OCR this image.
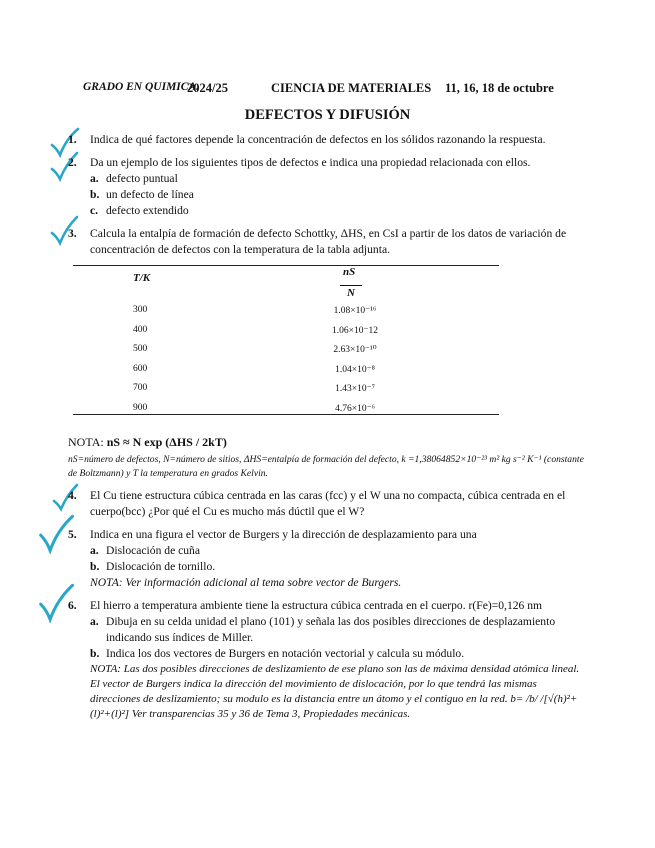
GRADO EN QUIMICA.
2024/25	CIENCIA DE MATERIALES 11, 16, 18 de octubre
DEFECTOS Y DIFUSIÓN
1.	Indica de qué factores depende la concentración de defectos en los sólidos razonando la respuesta.
2.	Da un ejemplo de los siguientes tipos de defectos e indica una propiedad relacionada con ellos.
a. defecto puntual
b. un defecto de línea
c. defecto extendido
3.	Calcula la entalpía de formación de defecto Schottky, ΔHS, en CsI a partir de los datos de variación de concentración de defectos con la temperatura de la tabla adjunta.
T/K	nS
N
300	1.08×10⁻¹⁶
400	1.06×10⁻12
500	2.63×10⁻¹⁰
600	1.04×10⁻⁸
700	1.43×10⁻⁷
900	4.76×10⁻⁶
NOTA: nS ≈ N exp (ΔHS / 2kT)
nS=número de defectos, N=número de sitios, ΔHS=entalpía de formación del defecto, k =1,38064852×10⁻²³ m² kg s⁻² K⁻¹ (constante de Boltzmann) y T la temperatura en grados Kelvin.
4.	El Cu tiene estructura cúbica centrada en las caras (fcc) y el W una no compacta, cúbica centrada en el cuerpo(bcc) ¿Por qué el Cu es mucho más dúctil que el W?
5.	Indica en una figura el vector de Burgers y la dirección de desplazamiento para una
a. Dislocación de cuña
b. Dislocación de tornillo.
NOTA: Ver información adicional al tema sobre vector de Burgers.
6.	El hierro a temperatura ambiente tiene la estructura cúbica centrada en el cuerpo. r(Fe)=0,126 nm
a. Dibuja en su celda unidad el plano (101) y señala las dos posibles direcciones de desplazamiento indicando sus índices de Miller.
b. Indica los dos vectores de Burgers en notación vectorial y calcula su módulo.
NOTA: Las dos posibles direcciones de deslizamiento de ese plano son las de máxima densidad atómica lineal. El vector de Burgers indica la dirección del movimiento de dislocación, por lo que tendrá las mismas direcciones de deslizamiento; su modulo es la distancia entre un átomo y el contiguo en la red. b= /b/ /[√(h)²+(l)²+(l)²] Ver transparencias 35 y 36 de Tema 3, Propiedades mecánicas.
